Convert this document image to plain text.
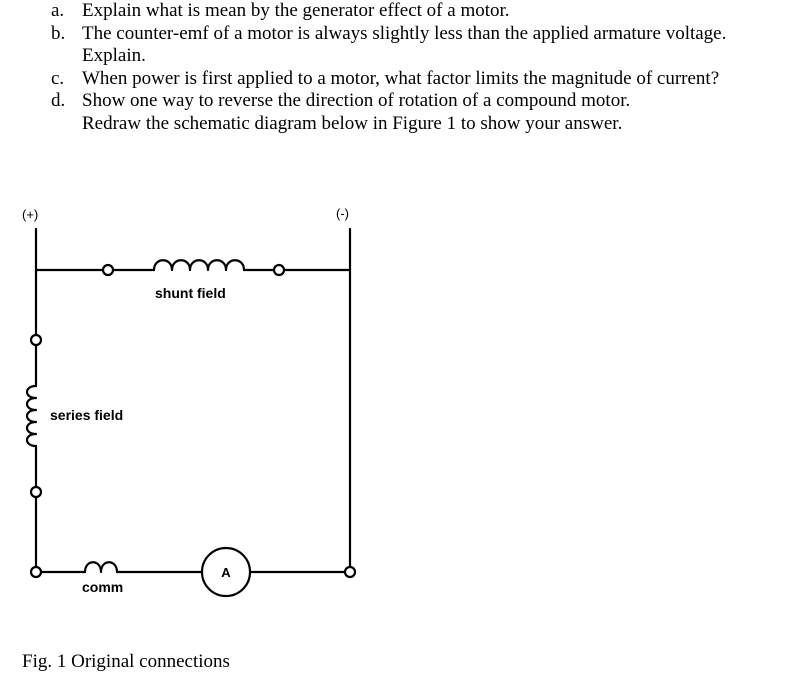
a. Explain what is mean by the generator effect of a motor.
b. The counter-emf of a motor is always slightly less than the applied armature voltage.
Explain.
c. When power is first applied to a motor, what factor limits the magnitude of current?
d. Show one way to reverse the direction of rotation of a compound motor.
Redraw the schematic diagram below in Figure 1 to show your answer.
(+)	(-)
shunt field
series field
comm
A
Fig. 1 Original connections
